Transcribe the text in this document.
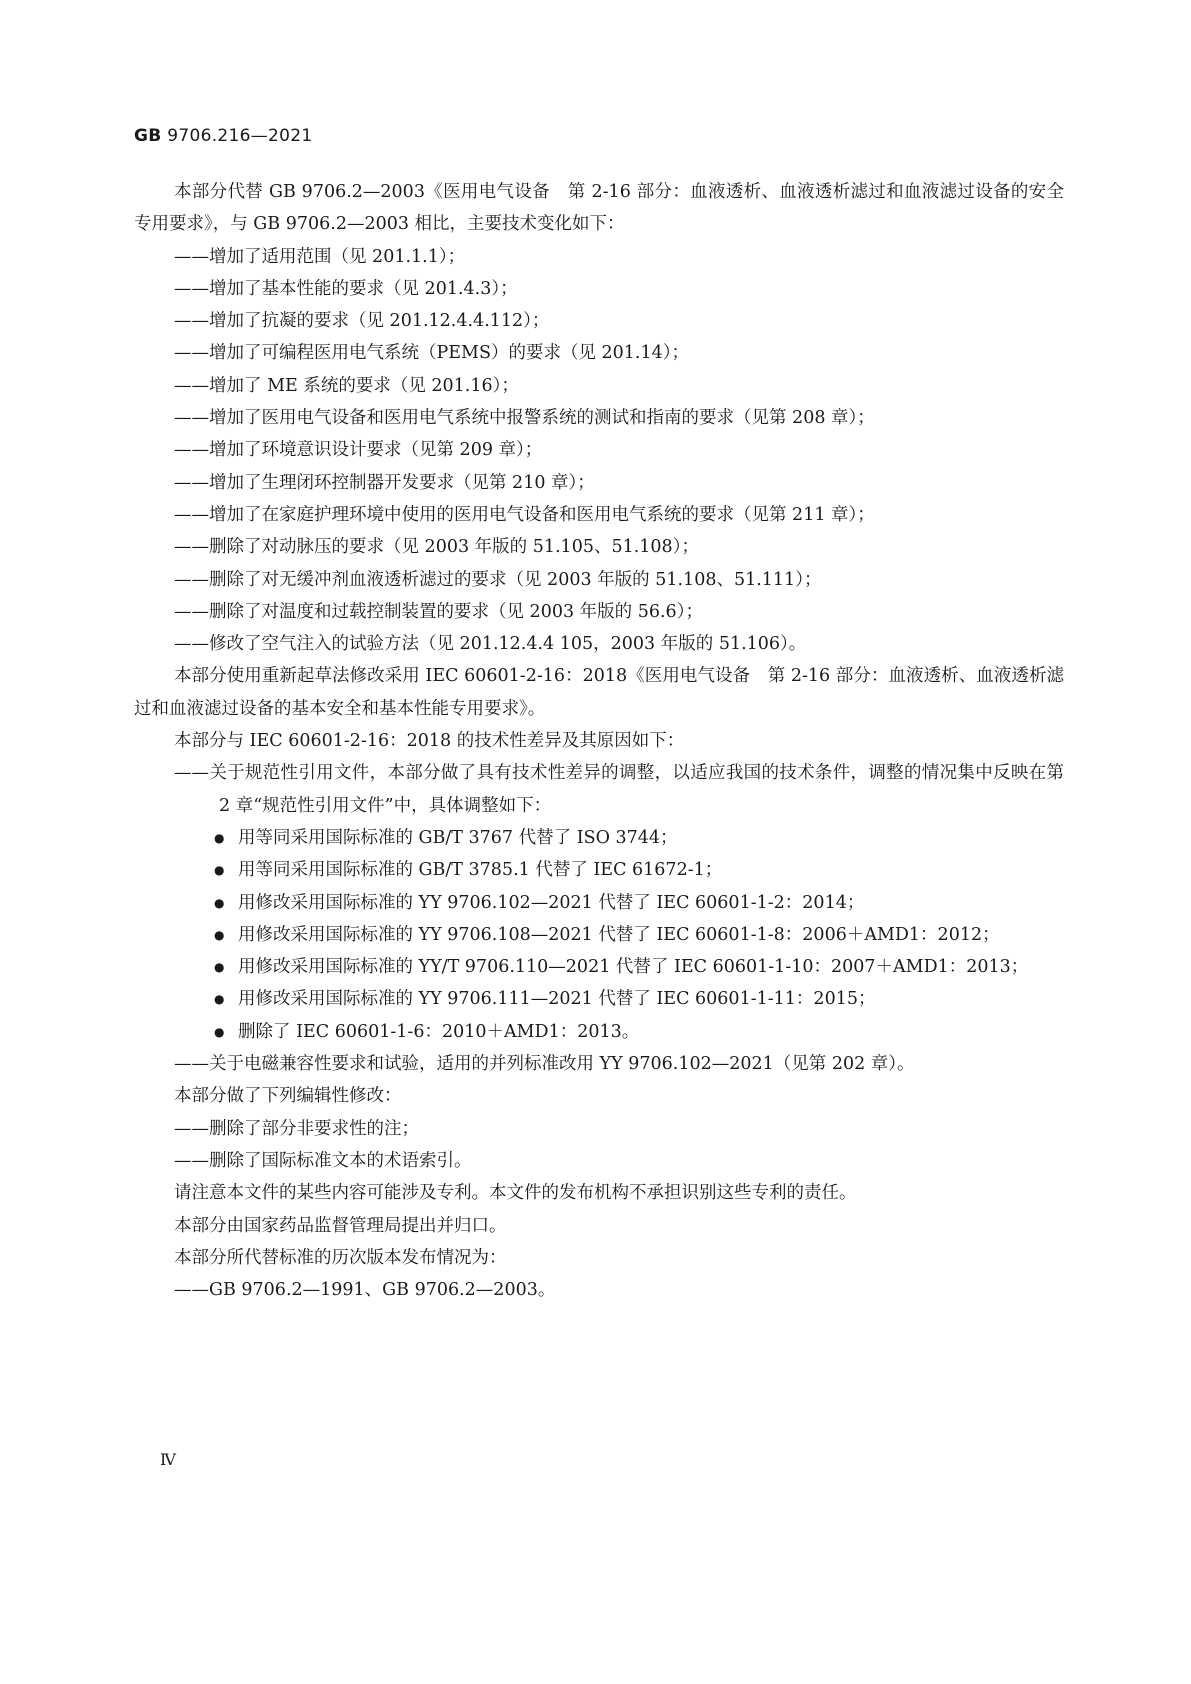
GB 9706.216—2021

本部分代替 GB 9706.2—2003《医用电气设备　第 2-16 部分：血液透析、血液透析滤过和血液滤过设备的安全专用要求》，与 GB 9706.2—2003 相比，主要技术变化如下：

——增加了适用范围（见 201.1.1）；

——增加了基本性能的要求（见 201.4.3）；

——增加了抗凝的要求（见 201.12.4.4.112）；

——增加了可编程医用电气系统（PEMS）的要求（见 201.14）；

——增加了 ME 系统的要求（见 201.16）；

——增加了医用电气设备和医用电气系统中报警系统的测试和指南的要求（见第 208 章）；

——增加了环境意识设计要求（见第 209 章）；

——增加了生理闭环控制器开发要求（见第 210 章）；

——增加了在家庭护理环境中使用的医用电气设备和医用电气系统的要求（见第 211 章）；

——删除了对动脉压的要求（见 2003 年版的 51.105、51.108）；

——删除了对无缓冲剂血液透析滤过的要求（见 2003 年版的 51.108、51.111）；

——删除了对温度和过载控制装置的要求（见 2003 年版的 56.6）；

——修改了空气注入的试验方法（见 201.12.4.4 105，2003 年版的 51.106）。

本部分使用重新起草法修改采用 IEC 60601-2-16：2018《医用电气设备　第 2-16 部分：血液透析、血液透析滤过和血液滤过设备的基本安全和基本性能专用要求》。

本部分与 IEC 60601-2-16：2018 的技术性差异及其原因如下：

——关于规范性引用文件，本部分做了具有技术性差异的调整，以适应我国的技术条件，调整的情况集中反映在第 2 章“规范性引用文件”中，具体调整如下：

● 用等同采用国际标准的 GB/T 3767 代替了 ISO 3744；
● 用等同采用国际标准的 GB/T 3785.1 代替了 IEC 61672-1；
● 用修改采用国际标准的 YY 9706.102—2021 代替了 IEC 60601-1-2：2014；
● 用修改采用国际标准的 YY 9706.108—2021 代替了 IEC 60601-1-8：2006＋AMD1：2012；
● 用修改采用国际标准的 YY/T 9706.110—2021 代替了 IEC 60601-1-10：2007＋AMD1：2013；
● 用修改采用国际标准的 YY 9706.111—2021 代替了 IEC 60601-1-11：2015；
● 删除了 IEC 60601-1-6：2010＋AMD1：2013。

——关于电磁兼容性要求和试验，适用的并列标准改用 YY 9706.102—2021（见第 202 章）。

本部分做了下列编辑性修改：

——删除了部分非要求性的注；

——删除了国际标准文本的术语索引。

请注意本文件的某些内容可能涉及专利。本文件的发布机构不承担识别这些专利的责任。

本部分由国家药品监督管理局提出并归口。

本部分所代替标准的历次版本发布情况为：

——GB 9706.2—1991、GB 9706.2—2003。

Ⅳ
